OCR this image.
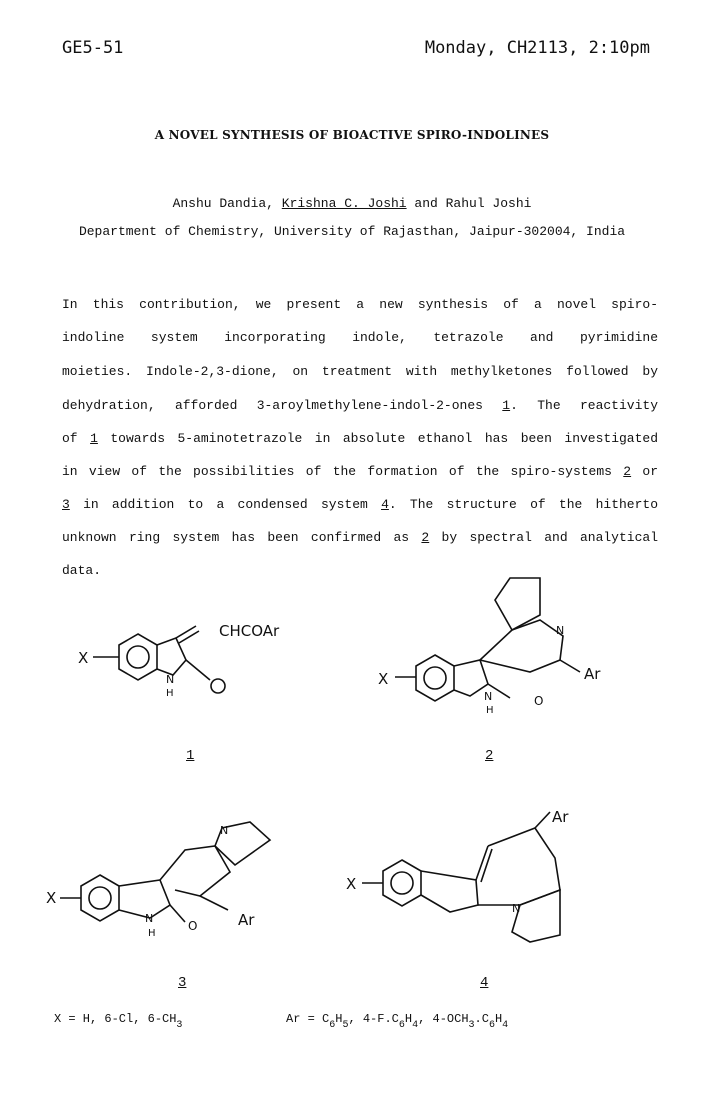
GE5-51	Monday, CH2113, 2:10pm
A NOVEL SYNTHESIS OF BIOACTIVE SPIRO-INDOLINES
Anshu Dandia, Krishna C. Joshi and Rahul Joshi
Department of Chemistry, University of Rajasthan, Jaipur-302004, India
In this contribution, we present a new synthesis of a novel spiro-
indoline system incorporating indole, tetrazole and pyrimidine
moieties. Indole-2,3-dione, on treatment with methylketones followed by
dehydration, afforded 3-aroylmethylene-indol-2-ones 1. The reactivity
of 1 towards 5-aminotetrazole in absolute ethanol has been investigated
in view of the possibilities of the formation of the spiro-systems 2 or
3 in addition to a condensed system 4. The structure of the hitherto
unknown ring system has been confirmed as 2 by spectral and analytical
data.
CHCOAr
X
N
H
X	Ar
N
H
O
N
X
Ar
N
H
O
N
X
Ar
N
1	2
3	4
X = H, 6-Cl, $6-CH_3$	$Ar = C_6H_5$, $4-F.C_6H_4$, $4-OCH_3.C_6H_4$
